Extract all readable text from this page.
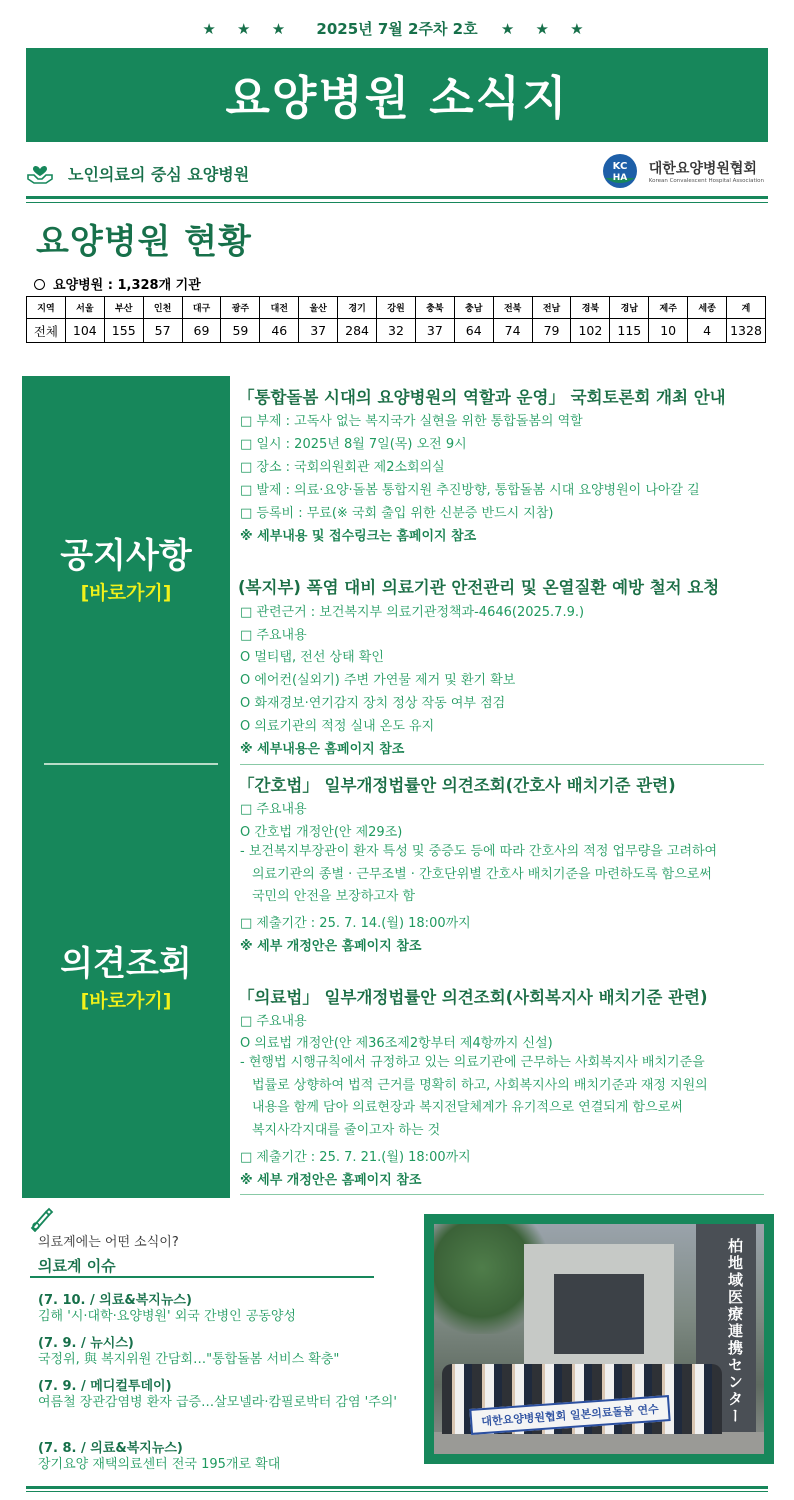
★ ★ ★ 2025년 7월 2주차 2호 ★ ★ ★
요양병원 소식지
노인의료의 중심 요양병원	KC
HA
대한요양병원협회
Korean Convalescent Hospital Association
요양병원 현황
요양병원 : 1,328개 기관
지역	서울	부산	인천	대구	광주	대전	울산	경기	강원	충북	충남	전북	전남	경북	경남	제주	세종	계
전체	104	155	57	69	59	46	37	284	32	37	64	74	79	102	115	10	4	1328
공지사항
[바로가기]
의견조회
[바로가기]
「통합돌봄 시대의 요양병원의 역할과 운영」 국회토론회 개최 안내
□ 부제 : 고독사 없는 복지국가 실현을 위한 통합돌봄의 역할
□ 일시 : 2025년 8월 7일(목) 오전 9시
□ 장소 : 국회의원회관 제2소회의실
□ 발제 : 의료·요양·돌봄 통합지원 추진방향, 통합돌봄 시대 요양병원이 나아갈 길
□ 등록비 : 무료(※ 국회 출입 위한 신분증 반드시 지참)
※ 세부내용 및 접수링크는 홈페이지 참조
(복지부) 폭염 대비 의료기관 안전관리 및 온열질환 예방 철저 요청
□ 관련근거 : 보건복지부 의료기관정책과-4646(2025.7.9.)
□ 주요내용
O 멀티탭, 전선 상태 확인
O 에어컨(실외기) 주변 가연물 제거 및 환기 확보
O 화재경보·연기감지 장치 정상 작동 여부 점검
O 의료기관의 적정 실내 온도 유지
※ 세부내용은 홈페이지 참조
「간호법」 일부개정법률안 의견조회(간호사 배치기준 관련)
□ 주요내용
O 간호법 개정안(안 제29조)
- 보건복지부장관이 환자 특성 및 중증도 등에 따라 간호사의 적정 업무량을 고려하여
의료기관의 종별 · 근무조별 · 간호단위별 간호사 배치기준을 마련하도록 함으로써
국민의 안전을 보장하고자 함
□ 제출기간 : 25. 7. 14.(월) 18:00까지
※ 세부 개정안은 홈페이지 참조
「의료법」 일부개정법률안 의견조회(사회복지사 배치기준 관련)
□ 주요내용
O 의료법 개정안(안 제36조제2항부터 제4항까지 신설)
- 현행법 시행규칙에서 규정하고 있는 의료기관에 근무하는 사회복지사 배치기준을
법률로 상향하여 법적 근거를 명확히 하고, 사회복지사의 배치기준과 재정 지원의
내용을 함께 담아 의료현장과 복지전달체계가 유기적으로 연결되게 함으로써
복지사각지대를 줄이고자 하는 것
□ 제출기간 : 25. 7. 21.(월) 18:00까지
※ 세부 개정안은 홈페이지 참조
의료계에는 어떤 소식이?
의료계 이슈
(7. 10. / 의료&복지뉴스)
김해 '시·대학·요양병원' 외국 간병인 공동양성
(7. 9. / 뉴시스)
국정위, 與 복지위원 간담회…"통합돌봄 서비스 확충"
(7. 9. / 메디컬투데이)
여름철 장관감염병 환자 급증…살모넬라·캄필로박터 감염 '주의'
(7. 8. / 의료&복지뉴스)
장기요양 재택의료센터 전국 195개로 확대
柏地域医療連携センター
대한요양병원협회 일본의료돌봄 연수
